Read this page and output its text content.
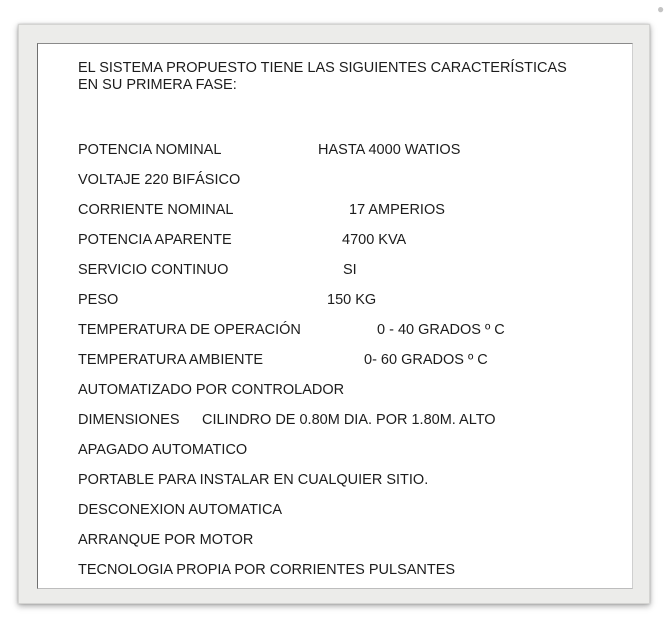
●
EL SISTEMA PROPUESTO TIENE LAS SIGUIENTES CARACTERÍSTICAS
EN SU PRIMERA FASE:
POTENCIA NOMINAL	HASTA 4000 WATIOS
VOLTAJE 220 BIFÁSICO
CORRIENTE NOMINAL	17 AMPERIOS
POTENCIA APARENTE	4700 KVA
SERVICIO CONTINUO	SI
PESO	150 KG
TEMPERATURA DE OPERACIÓN	0 - 40 GRADOS º C
TEMPERATURA AMBIENTE	0- 60 GRADOS º C
AUTOMATIZADO POR CONTROLADOR
DIMENSIONES CILINDRO DE 0.80M DIA. POR 1.80M. ALTO
APAGADO AUTOMATICO
PORTABLE PARA INSTALAR EN CUALQUIER SITIO.
DESCONEXION AUTOMATICA
ARRANQUE POR MOTOR
TECNOLOGIA PROPIA POR CORRIENTES PULSANTES
